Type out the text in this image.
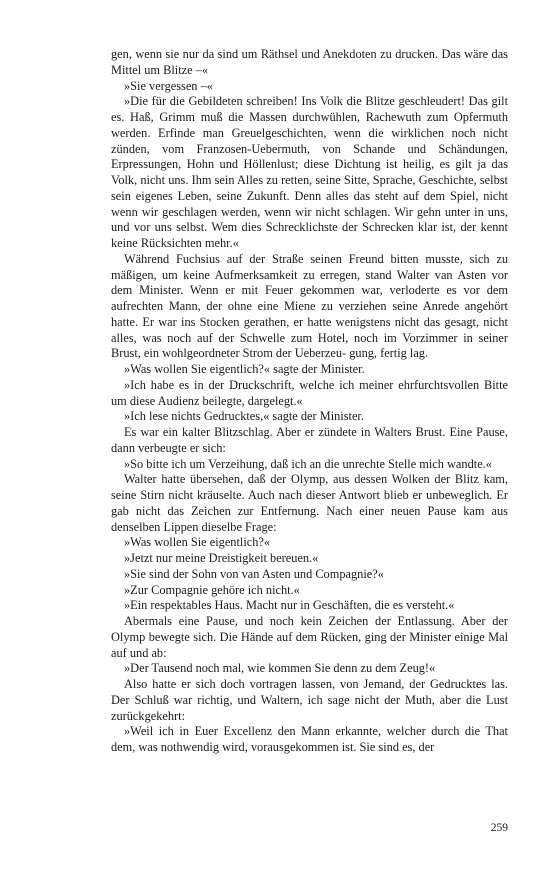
gen, wenn sie nur da sind um Räthsel und Anekdoten zu drucken. Das wäre das Mittel um Blitze –«

»Sie vergessen –«

»Die für die Gebildeten schreiben! Ins Volk die Blitze geschleudert! Das gilt es. Haß, Grimm muß die Massen durchwühlen, Rachewuth zum Opfermuth werden. Erfinde man Greuelgeschichten, wenn die wirklichen noch nicht zünden, vom Franzosen-Uebermuth, von Schande und Schändungen, Erpressungen, Hohn und Höllenlust; diese Dichtung ist heilig, es gilt ja das Volk, nicht uns. Ihm sein Alles zu retten, seine Sitte, Sprache, Geschichte, selbst sein eigenes Leben, seine Zukunft. Denn alles das steht auf dem Spiel, nicht wenn wir geschlagen werden, wenn wir nicht schlagen. Wir gehn unter in uns, und vor uns selbst. Wem dies Schrecklichste der Schrecken klar ist, der kennt keine Rücksichten mehr.«

Während Fuchsius auf der Straße seinen Freund bitten musste, sich zu mäßigen, um keine Aufmerksamkeit zu erregen, stand Walter van Asten vor dem Minister. Wenn er mit Feuer gekommen war, verloderte es vor dem aufrechten Mann, der ohne eine Miene zu verziehen seine Anrede angehört hatte. Er war ins Stocken gerathen, er hatte wenigstens nicht das gesagt, nicht alles, was noch auf der Schwelle zum Hotel, noch im Vorzimmer in seiner Brust, ein wohlgeordneter Strom der Ueberzeu- gung, fertig lag.

»Was wollen Sie eigentlich?« sagte der Minister.

»Ich habe es in der Druckschrift, welche ich meiner ehrfurchtsvollen Bitte um diese Audienz beilegte, dargelegt.«

»Ich lese nichts Gedrucktes,« sagte der Minister.

Es war ein kalter Blitzschlag. Aber er zündete in Walters Brust. Eine Pause, dann verbeugte er sich:

»So bitte ich um Verzeihung, daß ich an die unrechte Stelle mich wandte.«

Walter hatte übersehen, daß der Olymp, aus dessen Wolken der Blitz kam, seine Stirn nicht kräuselte. Auch nach dieser Antwort blieb er unbeweglich. Er gab nicht das Zeichen zur Entfernung. Nach einer neuen Pause kam aus denselben Lippen dieselbe Frage:

»Was wollen Sie eigentlich?«

»Jetzt nur meine Dreistigkeit bereuen.«

»Sie sind der Sohn von van Asten und Compagnie?«

»Zur Compagnie gehöre ich nicht.«

»Ein respektables Haus. Macht nur in Geschäften, die es versteht.«

Abermals eine Pause, und noch kein Zeichen der Entlassung. Aber der Olymp bewegte sich. Die Hände auf dem Rücken, ging der Minister einige Mal auf und ab:

»Der Tausend noch mal, wie kommen Sie denn zu dem Zeug!«

Also hatte er sich doch vortragen lassen, von Jemand, der Gedrucktes las. Der Schluß war richtig, und Waltern, ich sage nicht der Muth, aber die Lust zurückgekehrt:

»Weil ich in Euer Excellenz den Mann erkannte, welcher durch die That dem, was nothwendig wird, vorausgekommen ist. Sie sind es, der

259
